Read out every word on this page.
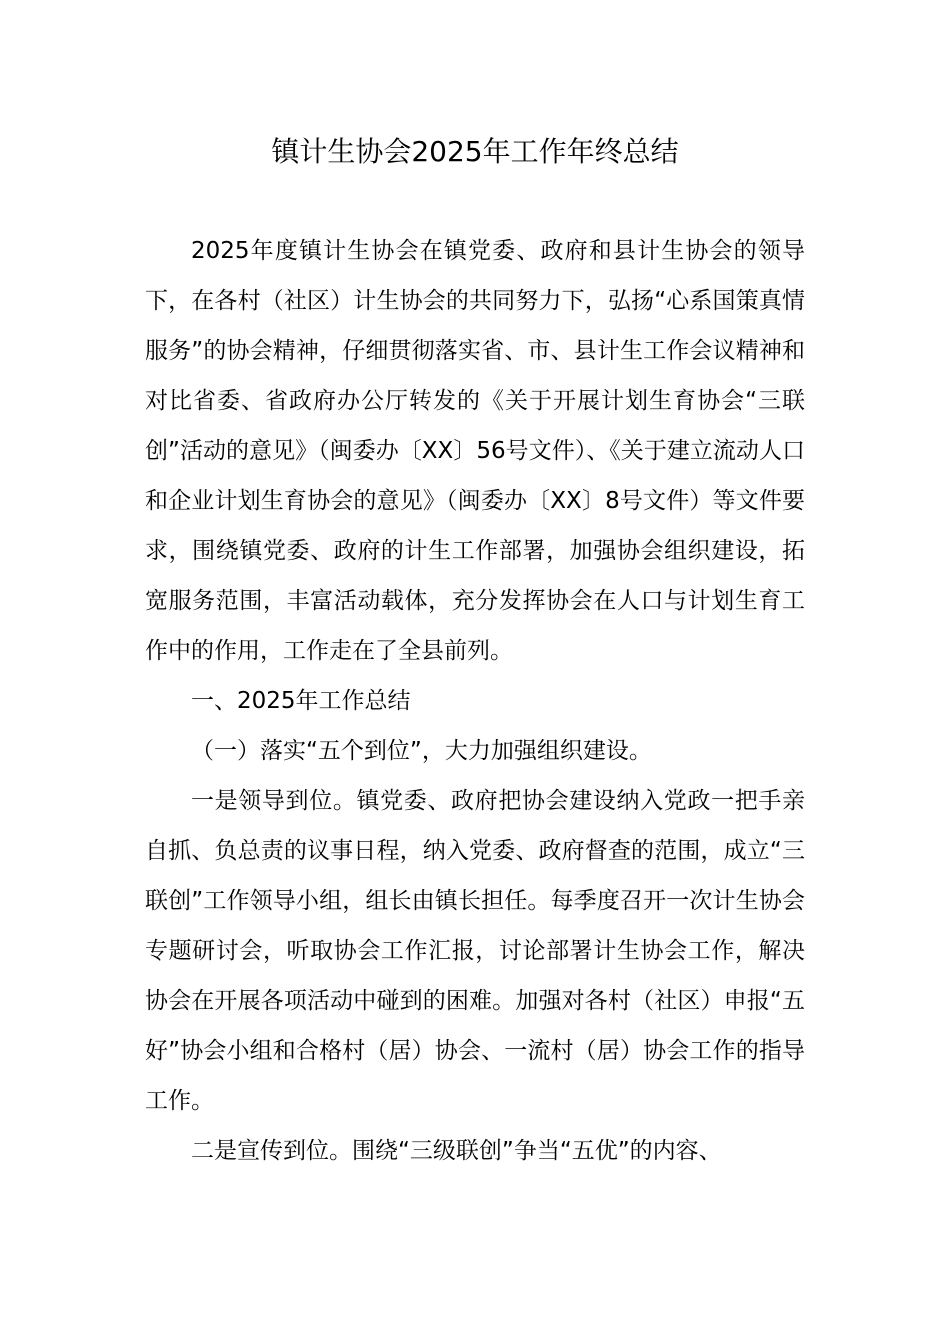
镇计生协会2025年工作年终总结

2025年度镇计生协会在镇党委、政府和县计生协会的领导下，在各村（社区）计生协会的共同努力下，弘扬“心系国策真情服务”的协会精神，仔细贯彻落实省、市、县计生工作会议精神和对比省委、省政府办公厅转发的《关于开展计划生育协会“三联创”活动的意见》（闽委办〔XX〕56号文件）、《关于建立流动人口和企业计划生育协会的意见》（闽委办〔XX〕8号文件）等文件要求，围绕镇党委、政府的计生工作部署，加强协会组织建设，拓宽服务范围，丰富活动载体，充分发挥协会在人口与计划生育工作中的作用，工作走在了全县前列。

一、2025年工作总结

（一）落实“五个到位”，大力加强组织建设。

一是领导到位。镇党委、政府把协会建设纳入党政一把手亲自抓、负总责的议事日程，纳入党委、政府督查的范围，成立“三联创”工作领导小组，组长由镇长担任。每季度召开一次计生协会专题研讨会，听取协会工作汇报，讨论部署计生协会工作，解决协会在开展各项活动中碰到的困难。加强对各村（社区）申报“五好”协会小组和合格村（居）协会、一流村（居）协会工作的指导工作。

二是宣传到位。围绕“三级联创”争当“五优”的内容、
